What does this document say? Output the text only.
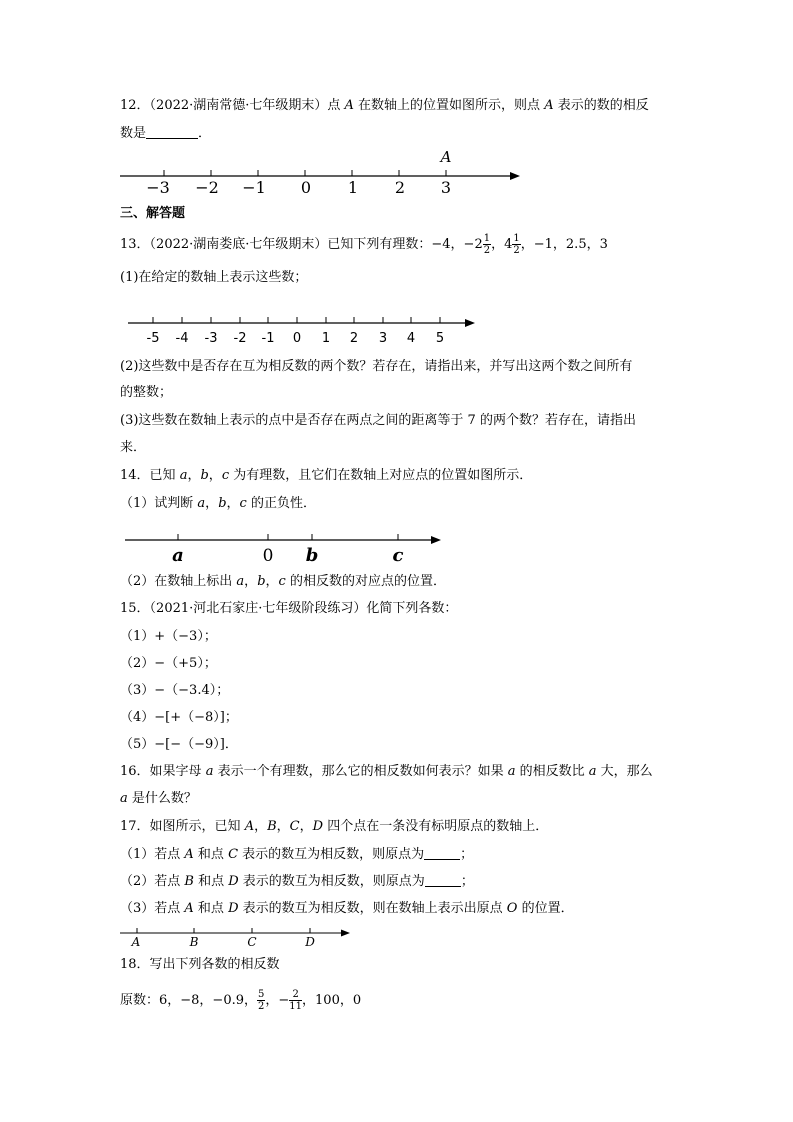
12．（2022·湖南常德·七年级期末）点 A 在数轴上的位置如图所示，则点 A 表示的数的相反
数是	．
−3 −2 −1 0 1 2 3
A
三、解答题
13．（2022·湖南娄底·七年级期末）已知下列有理数：−4，$-2 \frac{1}{2}$ ，$4 \frac{1}{2}$ ，−1，2.5，3
(1)在给定的数轴上表示这些数；
-5 -4 -3 -2 -1 0 1 2 3 4 5
(2)这些数中是否存在互为相反数的两个数？若存在，请指出来，并写出这两个数之间所有
的整数；
(3)这些数在数轴上表示的点中是否存在两点之间的距离等于 7 的两个数？若存在，请指出
来．
14．已知 a，b，c 为有理数，且它们在数轴上对应点的位置如图所示．
（1）试判断 a，b，c 的正负性．
a	0 b	c
（2）在数轴上标出 a，b，c 的相反数的对应点的位置．
15．（2021·河北石家庄·七年级阶段练习）化简下列各数：
（1）+（−3）；
（2）−（+5）；
（3）−（−3.4）；
（4）−[+（−8）]；
（5）−[−（−9）]．
16．如果字母 a 表示一个有理数，那么它的相反数如何表示？如果 a 的相反数比 a 大，那么
a 是什么数？
17．如图所示，已知 A，B，C，D 四个点在一条没有标明原点的数轴上．
（1）若点 A 和点 C 表示的数互为相反数，则原点为	；
（2）若点 B 和点 D 表示的数互为相反数，则原点为	；
（3）若点 A 和点 D 表示的数互为相反数，则在数轴上表示出原点 O 的位置．
A	B	C	D
18．写出下列各数的相反数
原数：6，−8，−0.9， $\frac{5}{2}$ ，− $\frac{2}{11}$ ，100，0
